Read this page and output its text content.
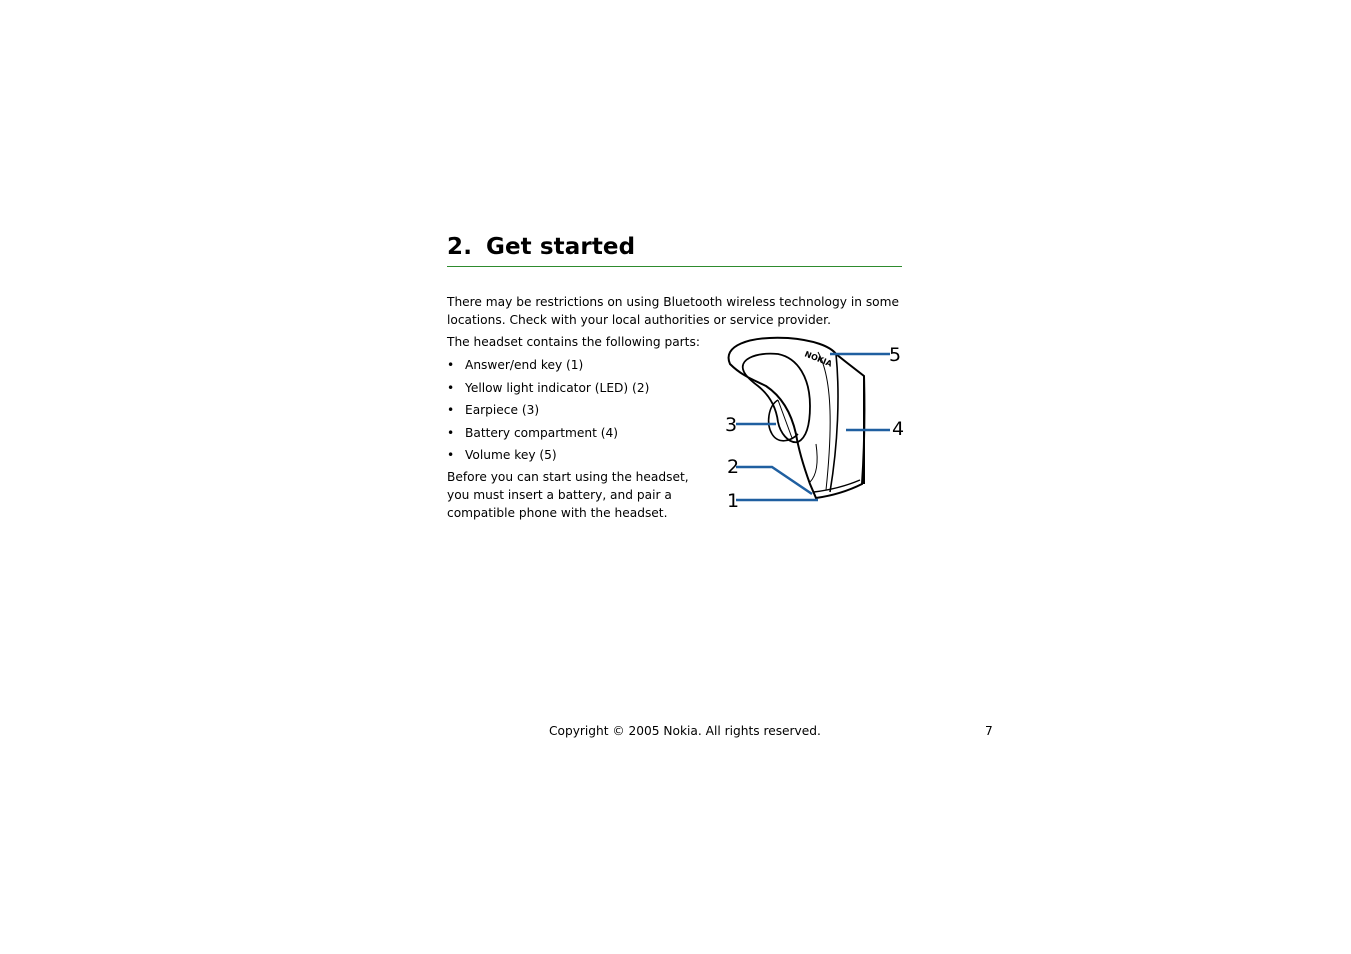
2. Get started

There may be restrictions on using Bluetooth wireless technology in some locations. Check with your local authorities or service provider.

The headset contains the following parts:

• Answer/end key (1)
• Yellow light indicator (LED) (2)
• Earpiece (3)
• Battery compartment (4)
• Volume key (5)

Before you can start using the headset, you must insert a battery, and pair a compatible phone with the headset.

NOKIA	5
4
3
2
1
Copyright © 2005 Nokia. All rights reserved.	7
